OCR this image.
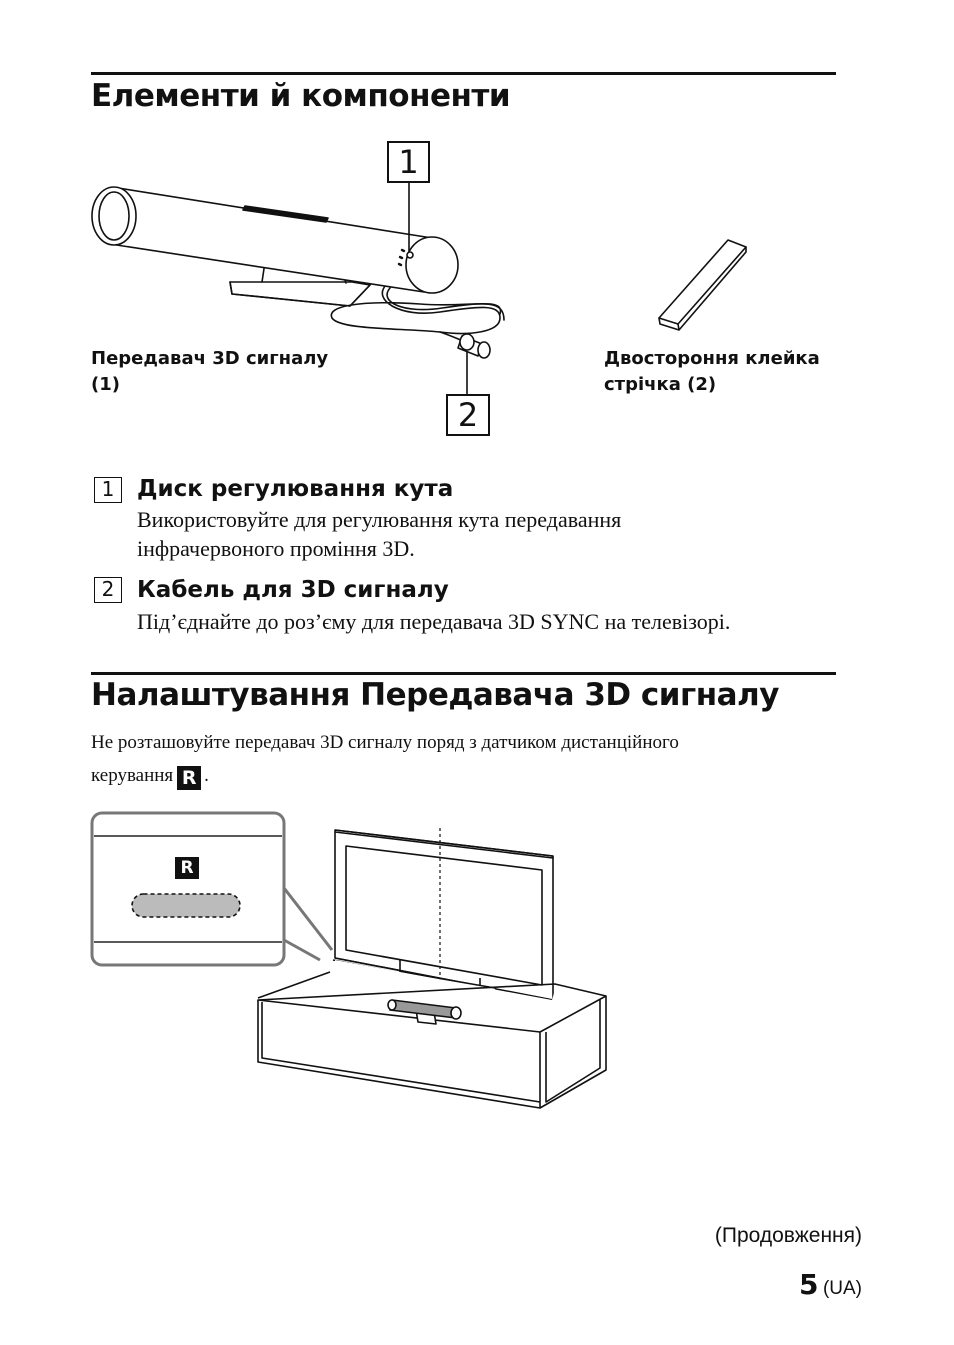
Елементи й компоненти
1
2
Передавач 3D сигналу
(1)
Двостороння клейка
стрічка (2)
1 Диск регулювання кута
Використовуйте для регулювання кута передавання
інфрачервоного проміння 3D.
2 Кабель для 3D сигналу
Під’єднайте до роз’єму для передавача 3D SYNC на телевізорі.
Налаштування Передавача 3D сигналу
Не розташовуйте передавач 3D сигналу поряд з датчиком дистанційного
керування R .
R
(Продовження)
5 (UA)
